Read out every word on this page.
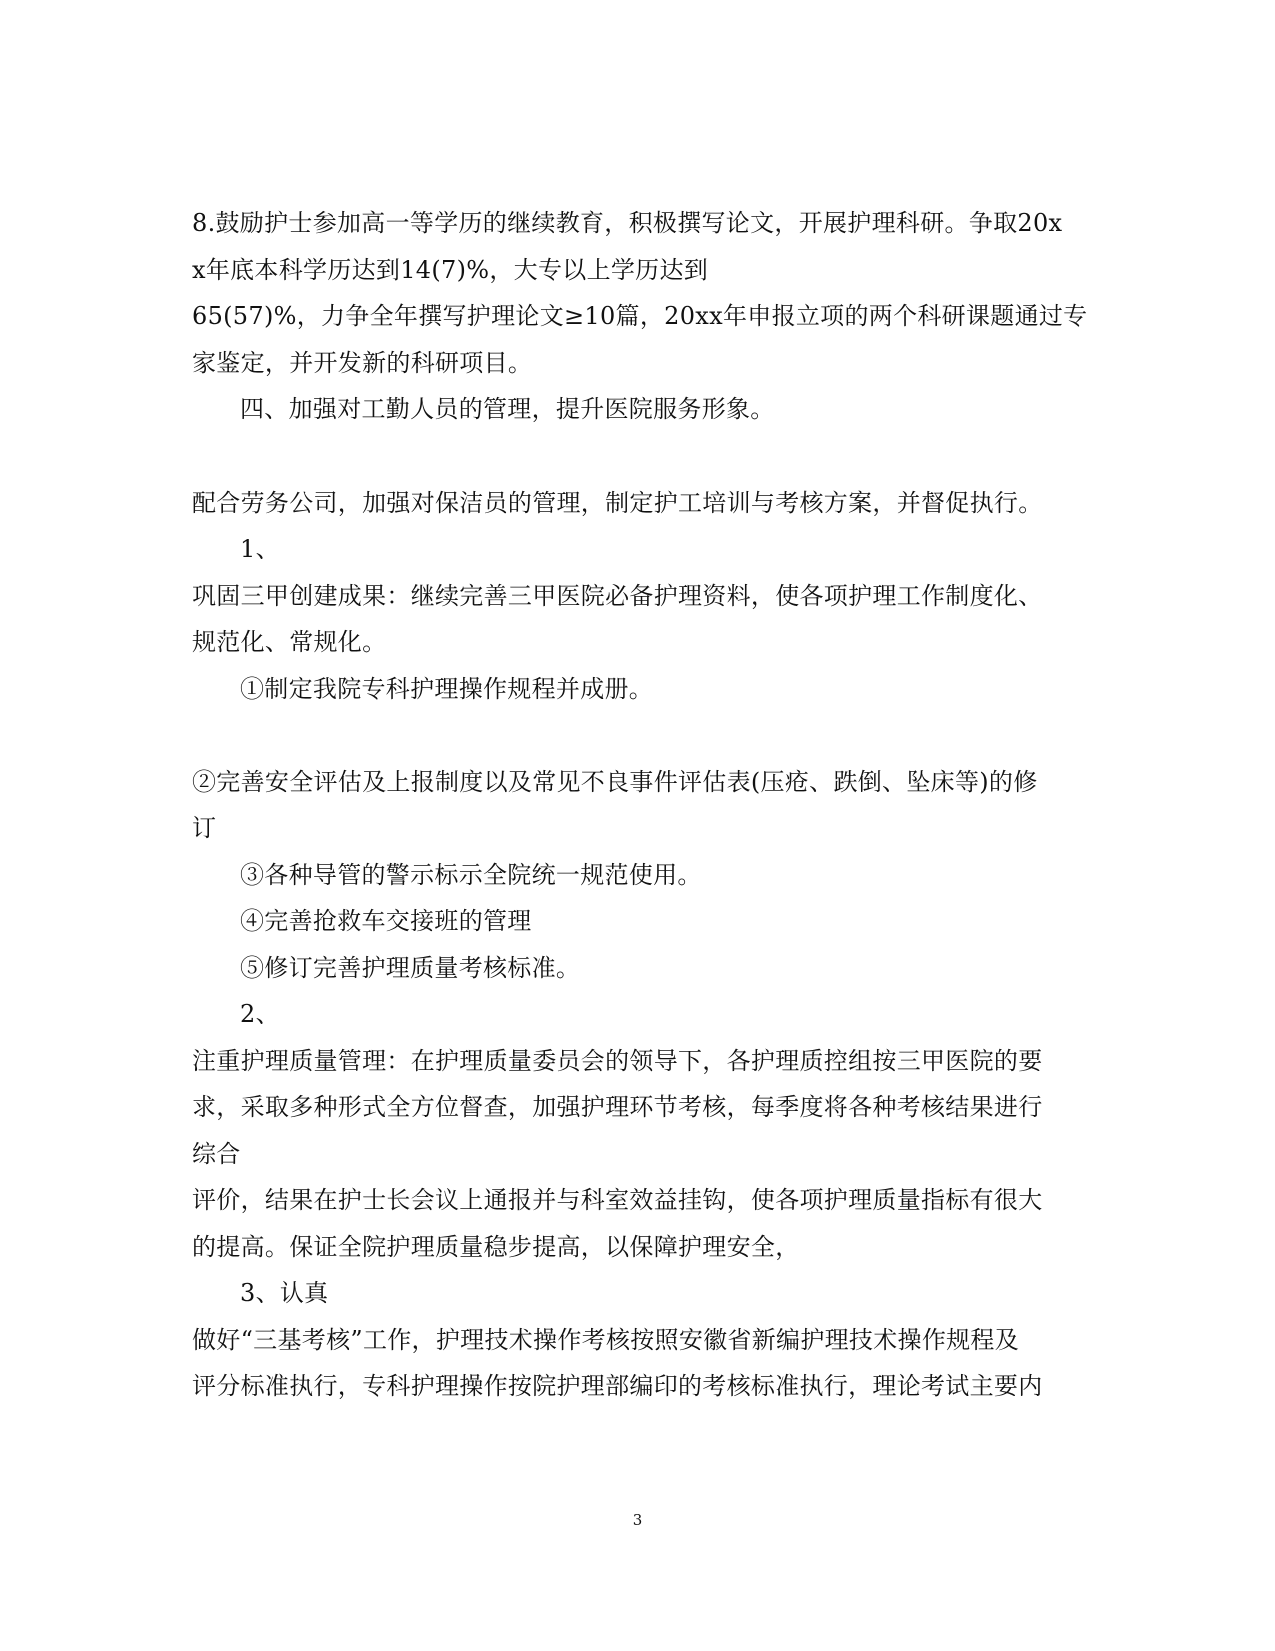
8.鼓励护士参加高一等学历的继续教育，积极撰写论文，开展护理科研。争取20x
x年底本科学历达到14(7)%，大专以上学历达到
65(57)%，力争全年撰写护理论文≥10篇，20xx年申报立项的两个科研课题通过专
家鉴定，并开发新的科研项目。
四、加强对工勤人员的管理，提升医院服务形象。
配合劳务公司，加强对保洁员的管理，制定护工培训与考核方案，并督促执行。
1、
巩固三甲创建成果：继续完善三甲医院必备护理资料，使各项护理工作制度化、
规范化、常规化。
①制定我院专科护理操作规程并成册。
②完善安全评估及上报制度以及常见不良事件评估表(压疮、跌倒、坠床等)的修
订
③各种导管的警示标示全院统一规范使用。
④完善抢救车交接班的管理
⑤修订完善护理质量考核标准。
2、
注重护理质量管理：在护理质量委员会的领导下，各护理质控组按三甲医院的要
求，采取多种形式全方位督查，加强护理环节考核，每季度将各种考核结果进行
综合
评价，结果在护士长会议上通报并与科室效益挂钩，使各项护理质量指标有很大
的提高。保证全院护理质量稳步提高，以保障护理安全，
3、认真
做好“三基考核”工作，护理技术操作考核按照安徽省新编护理技术操作规程及
评分标准执行，专科护理操作按院护理部编印的考核标准执行，理论考试主要内
3
